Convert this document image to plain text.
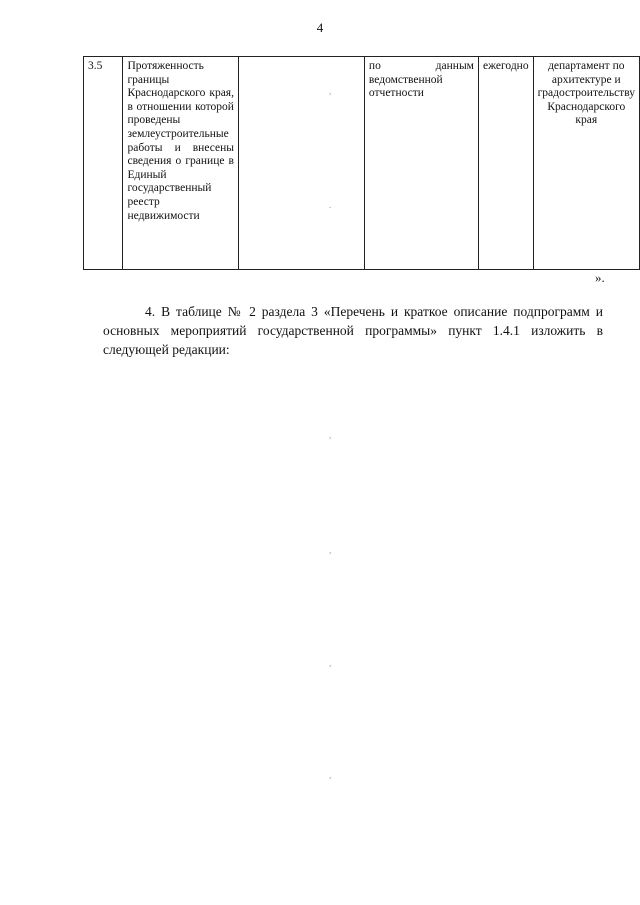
4
3.5	Протяженность границы Краснодарского края, в отношении которой проведены землеустроительные работы и внесены сведения о границе в Единый государственный реестр недвижимости		по данным ведомственной отчетности	ежегодно	департамент по архитектуре и градостроительству Краснодарского края
».
4. В таблице № 2 раздела 3 «Перечень и краткое описание подпрограмм и основных мероприятий государственной программы» пункт 1.4.1 изложить в следующей редакции:
,
.
,
,
,
,
